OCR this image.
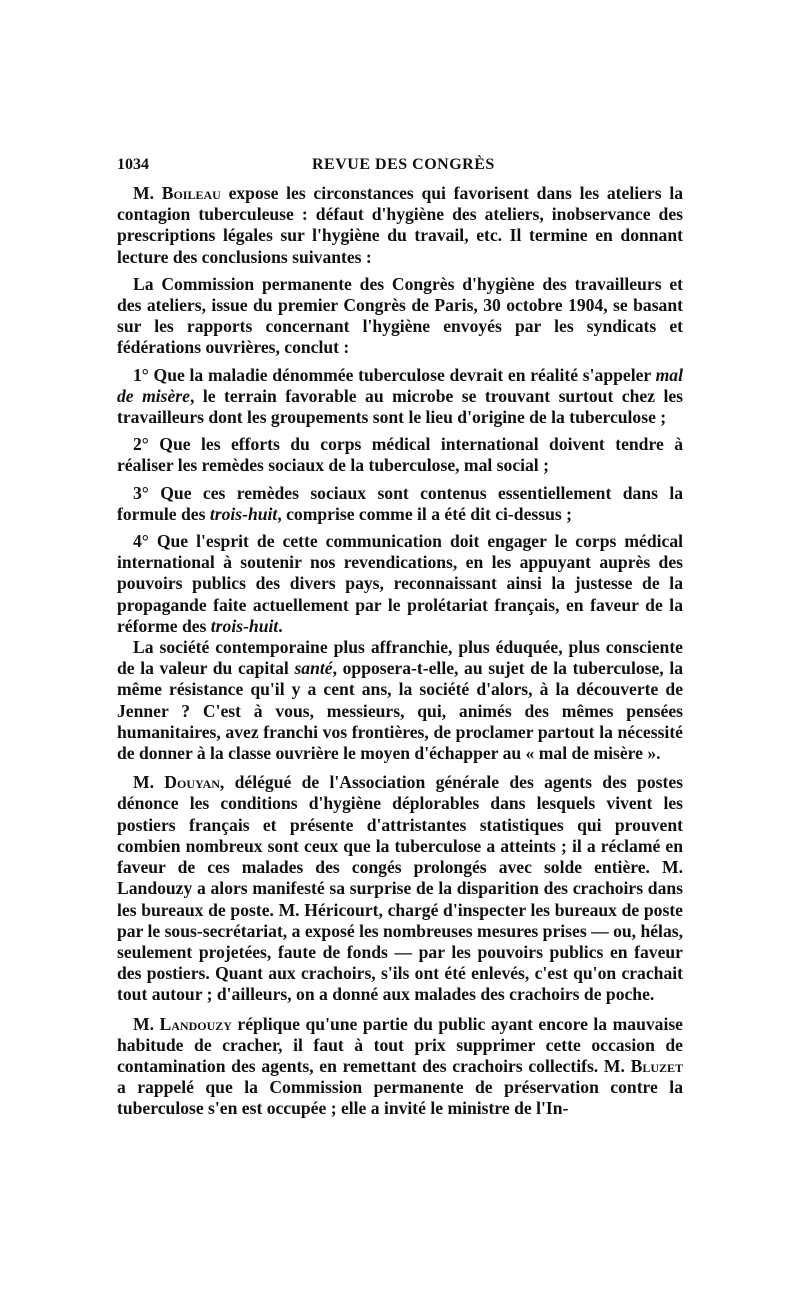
1034	REVUE DES CONGRÈS

M. Boileau expose les circonstances qui favorisent dans les ateliers la contagion tuberculeuse : défaut d'hygiène des ateliers, inobservance des prescriptions légales sur l'hygiène du travail, etc. Il termine en donnant lecture des conclusions suivantes :

La Commission permanente des Congrès d'hygiène des travailleurs et des ateliers, issue du premier Congrès de Paris, 30 octobre 1904, se basant sur les rapports concernant l'hygiène envoyés par les syndicats et fédérations ouvrières, conclut :

1° Que la maladie dénommée tuberculose devrait en réalité s'appeler mal de misère, le terrain favorable au microbe se trouvant surtout chez les travailleurs dont les groupements sont le lieu d'origine de la tuberculose ;

2° Que les efforts du corps médical international doivent tendre à réaliser les remèdes sociaux de la tuberculose, mal social ;

3° Que ces remèdes sociaux sont contenus essentiellement dans la formule des trois-huit, comprise comme il a été dit ci-dessus ;

4° Que l'esprit de cette communication doit engager le corps médical international à soutenir nos revendications, en les appuyant auprès des pouvoirs publics des divers pays, reconnaissant ainsi la justesse de la propagande faite actuellement par le prolétariat français, en faveur de la réforme des trois-huit.

La société contemporaine plus affranchie, plus éduquée, plus consciente de la valeur du capital santé, opposera-t-elle, au sujet de la tuberculose, la même résistance qu'il y a cent ans, la société d'alors, à la découverte de Jenner ? C'est à vous, messieurs, qui, animés des mêmes pensées humanitaires, avez franchi vos frontières, de proclamer partout la nécessité de donner à la classe ouvrière le moyen d'échapper au « mal de misère ».

M. Douyan, délégué de l'Association générale des agents des postes dénonce les conditions d'hygiène déplorables dans lesquels vivent les postiers français et présente d'attristantes statistiques qui prouvent combien nombreux sont ceux que la tuberculose a atteints ; il a réclamé en faveur de ces malades des congés prolongés avec solde entière. M. Landouzy a alors manifesté sa surprise de la disparition des crachoirs dans les bureaux de poste. M. Héricourt, chargé d'inspecter les bureaux de poste par le sous-secrétariat, a exposé les nombreuses mesures prises — ou, hélas, seulement projetées, faute de fonds — par les pouvoirs publics en faveur des postiers. Quant aux crachoirs, s'ils ont été enlevés, c'est qu'on crachait tout autour ; d'ailleurs, on a donné aux malades des crachoirs de poche.

M. Landouzy réplique qu'une partie du public ayant encore la mauvaise habitude de cracher, il faut à tout prix supprimer cette occasion de contamination des agents, en remettant des crachoirs collectifs. M. Bluzet a rappelé que la Commission permanente de préservation contre la tuberculose s'en est occupée ; elle a invité le ministre de l'In-
